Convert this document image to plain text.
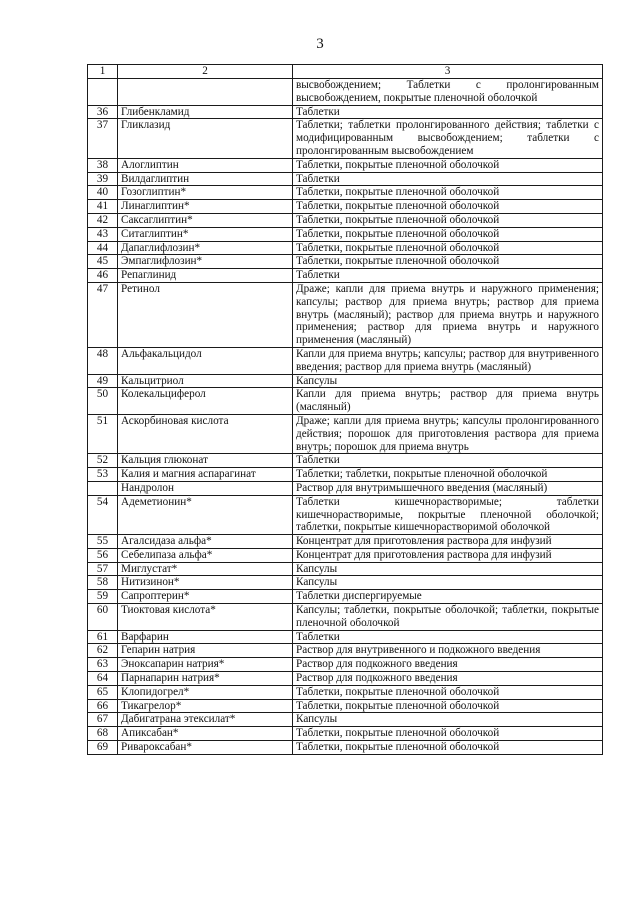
3
1	2	3
		высвобождением; Таблетки с пролонгированным высвобождением, покрытые пленочной оболочкой
36	Глибенкламид	Таблетки
37	Гликлазид	Таблетки; таблетки пролонгированного действия; таблетки с модифицированным высвобождением; таблетки с пролонгированным высвобождением
38	Алоглиптин	Таблетки, покрытые пленочной оболочкой
39	Вилдаглиптин	Таблетки
40	Гозоглиптин*	Таблетки, покрытые пленочной оболочкой
41	Линаглиптин*	Таблетки, покрытые пленочной оболочкой
42	Саксаглиптин*	Таблетки, покрытые пленочной оболочкой
43	Ситаглиптин*	Таблетки, покрытые пленочной оболочкой
44	Дапаглифлозин*	Таблетки, покрытые пленочной оболочкой
45	Эмпаглифлозин*	Таблетки, покрытые пленочной оболочкой
46	Репаглинид	Таблетки
47	Ретинол	Драже; капли для приема внутрь и наружного применения; капсулы; раствор для приема внутрь; раствор для приема внутрь (масляный); раствор для приема внутрь и наружного применения; раствор для приема внутрь и наружного применения (масляный)
48	Альфакальцидол	Капли для приема внутрь; капсулы; раствор для внутривенного введения; раствор для приема внутрь (масляный)
49	Кальцитриол	Капсулы
50	Колекальциферол	Капли для приема внутрь; раствор для приема внутрь (масляный)
51	Аскорбиновая кислота	Драже; капли для приема внутрь; капсулы пролонгированного действия; порошок для приготовления раствора для приема внутрь; порошок для приема внутрь
52	Кальция глюконат	Таблетки
53	Калия и магния аспарагинат	Таблетки; таблетки, покрытые пленочной оболочкой
	Нандролон	Раствор для внутримышечного введения (масляный)
54	Адеметионин*	Таблетки кишечнорастворимые; таблетки кишечнорастворимые, покрытые пленочной оболочкой; таблетки, покрытые кишечнорастворимой оболочкой
55	Агалсидаза альфа*	Концентрат для приготовления раствора для инфузий
56	Себелипаза альфа*	Концентрат для приготовления раствора для инфузий
57	Миглустат*	Капсулы
58	Нитизинон*	Капсулы
59	Сапроптерин*	Таблетки диспергируемые
60	Тиоктовая кислота*	Капсулы; таблетки, покрытые оболочкой; таблетки, покрытые пленочной оболочкой
61	Варфарин	Таблетки
62	Гепарин натрия	Раствор для внутривенного и подкожного введения
63	Эноксапарин натрия*	Раствор для подкожного введения
64	Парнапарин натрия*	Раствор для подкожного введения
65	Клопидогрел*	Таблетки, покрытые пленочной оболочкой
66	Тикагрелор*	Таблетки, покрытые пленочной оболочкой
67	Дабигатрана этексилат*	Капсулы
68	Апиксабан*	Таблетки, покрытые пленочной оболочкой
69	Ривароксабан*	Таблетки, покрытые пленочной оболочкой
